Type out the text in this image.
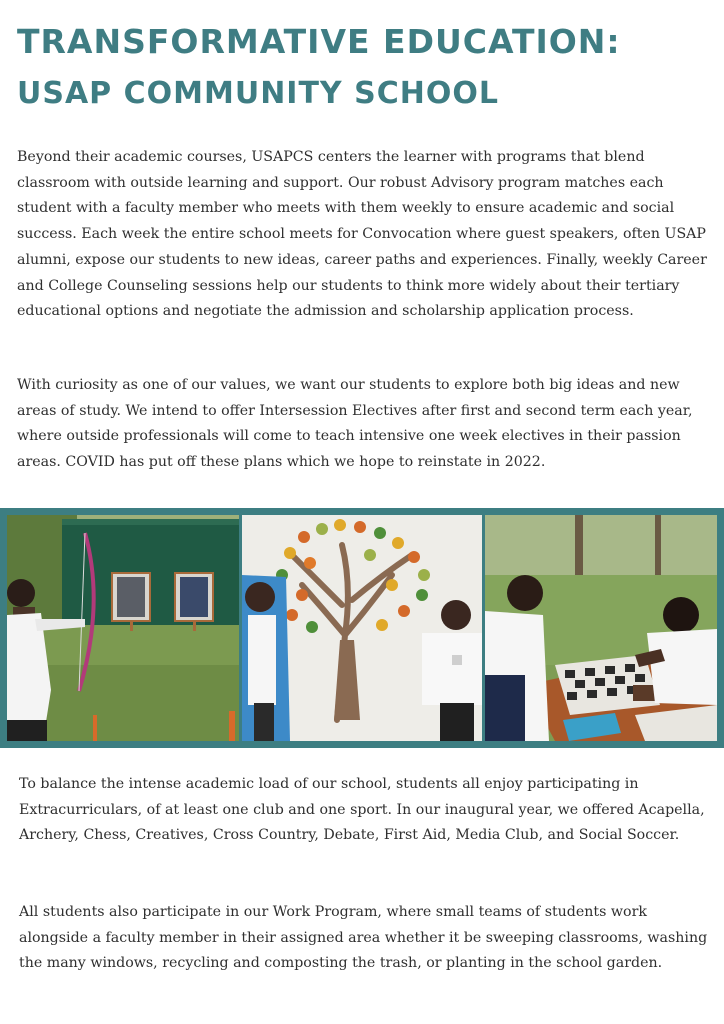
TRANSFORMATIVE EDUCATION:
USAP COMMUNITY SCHOOL

Beyond their academic courses, USAPCS centers the learner with programs that blend classroom with outside learning and support. Our robust Advisory program matches each student with a faculty member who meets with them weekly to ensure academic and social success. Each week the entire school meets for Convocation where guest speakers, often USAP alumni, expose our students to new ideas, career paths and experiences. Finally, weekly Career and College Counseling sessions help our students to think more widely about their tertiary educational options and negotiate the admission and scholarship application process.

With curiosity as one of our values, we want our students to explore both big ideas and new areas of study. We intend to offer Intersession Electives after first and second term each year, where outside professionals will come to teach intensive one week electives in their passion areas. COVID has put off these plans which we hope to reinstate in 2022.

To balance the intense academic load of our school, students all enjoy participating in Extracurriculars, of at least one club and one sport. In our inaugural year, we offered Acapella, Archery, Chess, Creatives, Cross Country, Debate, First Aid, Media Club, and Social Soccer.

All students also participate in our Work Program, where small teams of students work alongside a faculty member in their assigned area whether it be sweeping classrooms, washing the many windows, recycling and composting the trash, or planting in the school garden.
